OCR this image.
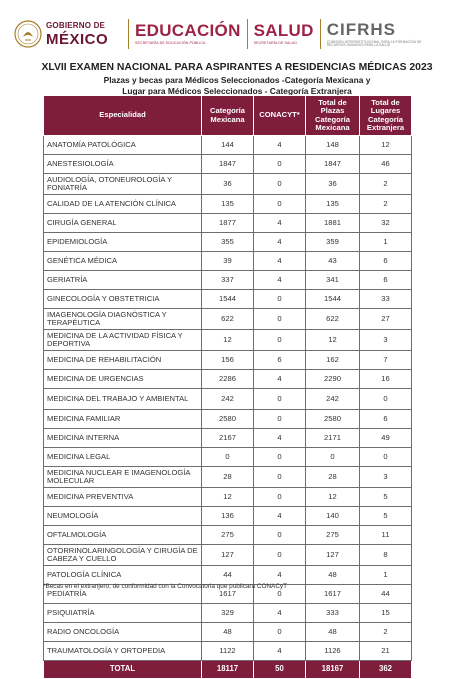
GOBIERNO DE
MÉXICO EDUCACIÓN
SECRETARÍA DE EDUCACIÓN PÚBLICA
SALUD
SECRETARÍA DE SALUD
CIFRHS
COMISIÓN INTERINSTITUCIONAL PARA LA FORMACIÓN DE RECURSOS HUMANOS PARA LA SALUD
XLVII EXAMEN NACIONAL PARA ASPIRANTES A RESIDENCIAS MÉDICAS 2023
Plazas y becas para Médicos Seleccionados -Categoría Mexicana y
Lugar para Médicos Seleccionados - Categoría Extranjera
Especialidad	Categoría Mexicana	CONACYT*	Total de Plazas Categoría Mexicana	Total de Lugares Categoría Extranjera
ANATOMÍA PATOLÓGICA	144	4	148	12
ANESTESIOLOGÍA	1847	0	1847	46
AUDIOLOGÍA, OTONEUROLOGÍA Y FONIATRÍA	36	0	36	2
CALIDAD DE LA ATENCIÓN CLÍNICA	135	0	135	2
CIRUGÍA GENERAL	1877	4	1881	32
EPIDEMIOLOGÍA	355	4	359	1
GENÉTICA MÉDICA	39	4	43	6
GERIATRÍA	337	4	341	6
GINECOLOGÍA Y OBSTETRICIA	1544	0	1544	33
IMAGENOLOGÍA DIAGNÓSTICA Y TERAPÉUTICA	622	0	622	27
MEDICINA DE LA ACTIVIDAD FÍSICA Y DEPORTIVA	12	0	12	3
MEDICINA DE REHABILITACIÓN	156	6	162	7
MEDICINA DE URGENCIAS	2286	4	2290	16
MEDICINA DEL TRABAJO Y AMBIENTAL	242	0	242	0
MEDICINA FAMILIAR	2580	0	2580	6
MEDICINA INTERNA	2167	4	2171	49
MEDICINA LEGAL	0	0	0	0
MEDICINA NUCLEAR E IMAGENOLOGÍA MOLECULAR	28	0	28	3
MEDICINA PREVENTIVA	12	0	12	5
NEUMOLOGÍA	136	4	140	5
OFTALMOLOGÍA	275	0	275	11
OTORRINOLARINGOLOGÍA Y CIRUGÍA DE CABEZA Y CUELLO	127	0	127	8
PATOLOGÍA CLÍNICA	44	4	48	1
PEDIATRÍA	1617	0	1617	44
PSIQUIATRÍA	329	4	333	15
RADIO ONCOLOGÍA	48	0	48	2
TRAUMATOLOGÍA Y ORTOPEDIA	1122	4	1126	21
TOTAL	18117	50	18167	362
*Becas en el extranjero, de conformidad con la Convocatoria que publicará CONACyT
